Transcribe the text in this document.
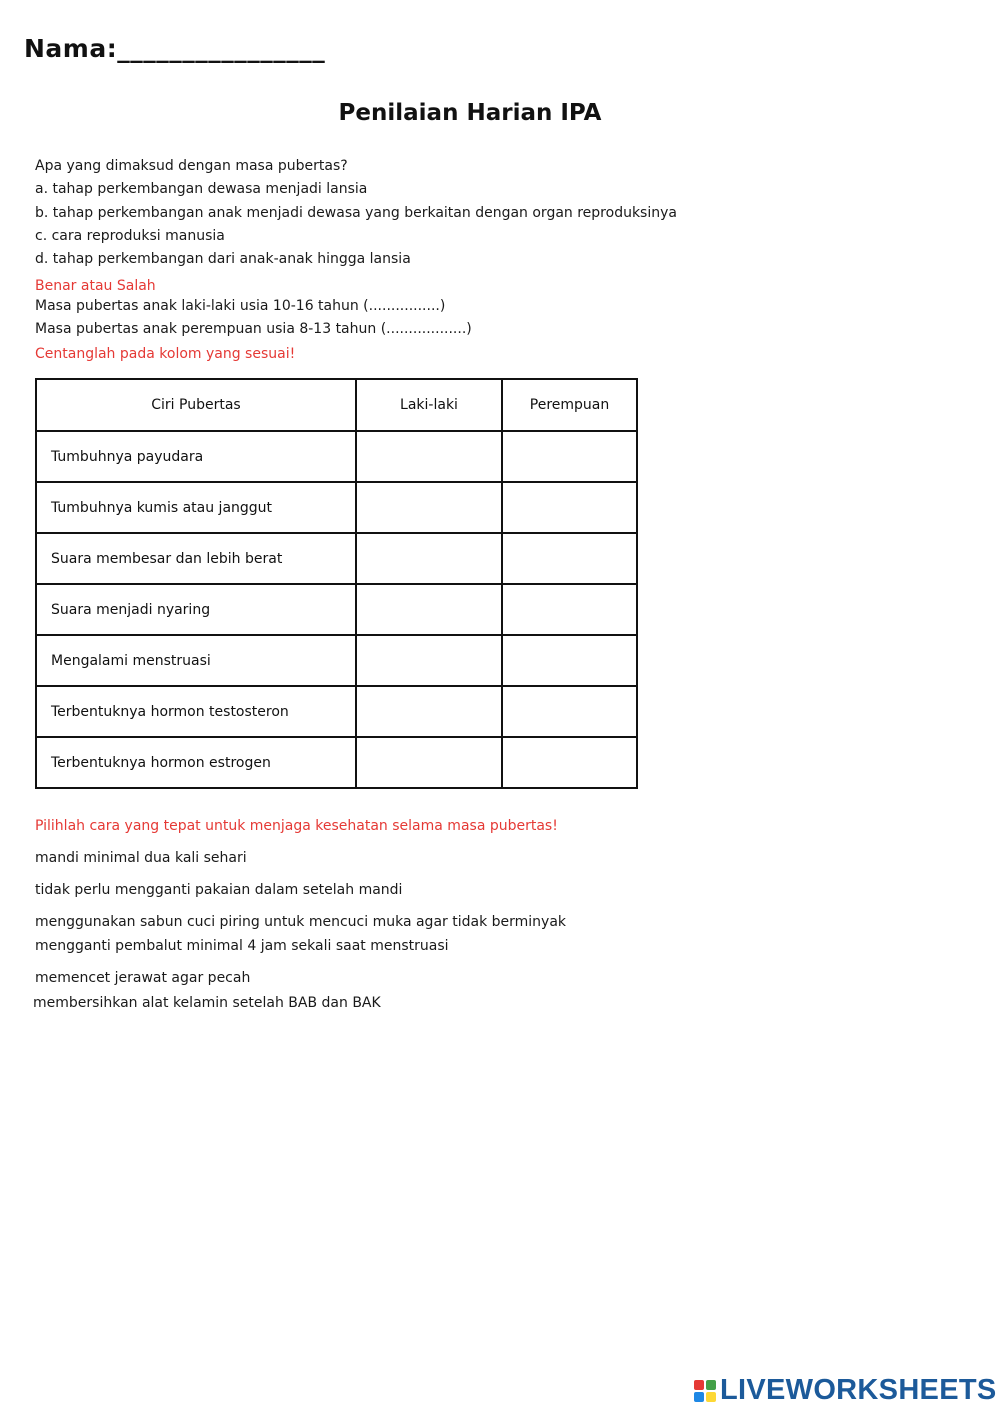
Nama:________________
Penilaian Harian IPA
Apa yang dimaksud dengan masa pubertas?
a. tahap perkembangan dewasa menjadi lansia
b. tahap perkembangan anak menjadi dewasa yang berkaitan dengan organ reproduksinya
c. cara reproduksi manusia
d. tahap perkembangan dari anak-anak hingga lansia
Benar atau Salah
Masa pubertas anak laki-laki usia 10-16 tahun (................)
Masa pubertas anak perempuan usia 8-13 tahun (..................)
Centanglah pada kolom yang sesuai!
Ciri Pubertas	Laki-laki	Perempuan
Tumbuhnya payudara		
Tumbuhnya kumis atau janggut		
Suara membesar dan lebih berat		
Suara menjadi nyaring		
Mengalami menstruasi		
Terbentuknya hormon testosteron		
Terbentuknya hormon estrogen		
Pilihlah cara yang tepat untuk menjaga kesehatan selama masa pubertas!
mandi minimal dua kali sehari
tidak perlu mengganti pakaian dalam setelah mandi
menggunakan sabun cuci piring untuk mencuci muka agar tidak berminyak
mengganti pembalut minimal 4 jam sekali saat menstruasi
memencet jerawat agar pecah
membersihkan alat kelamin setelah BAB dan BAK
LIVEWORKSHEETS
